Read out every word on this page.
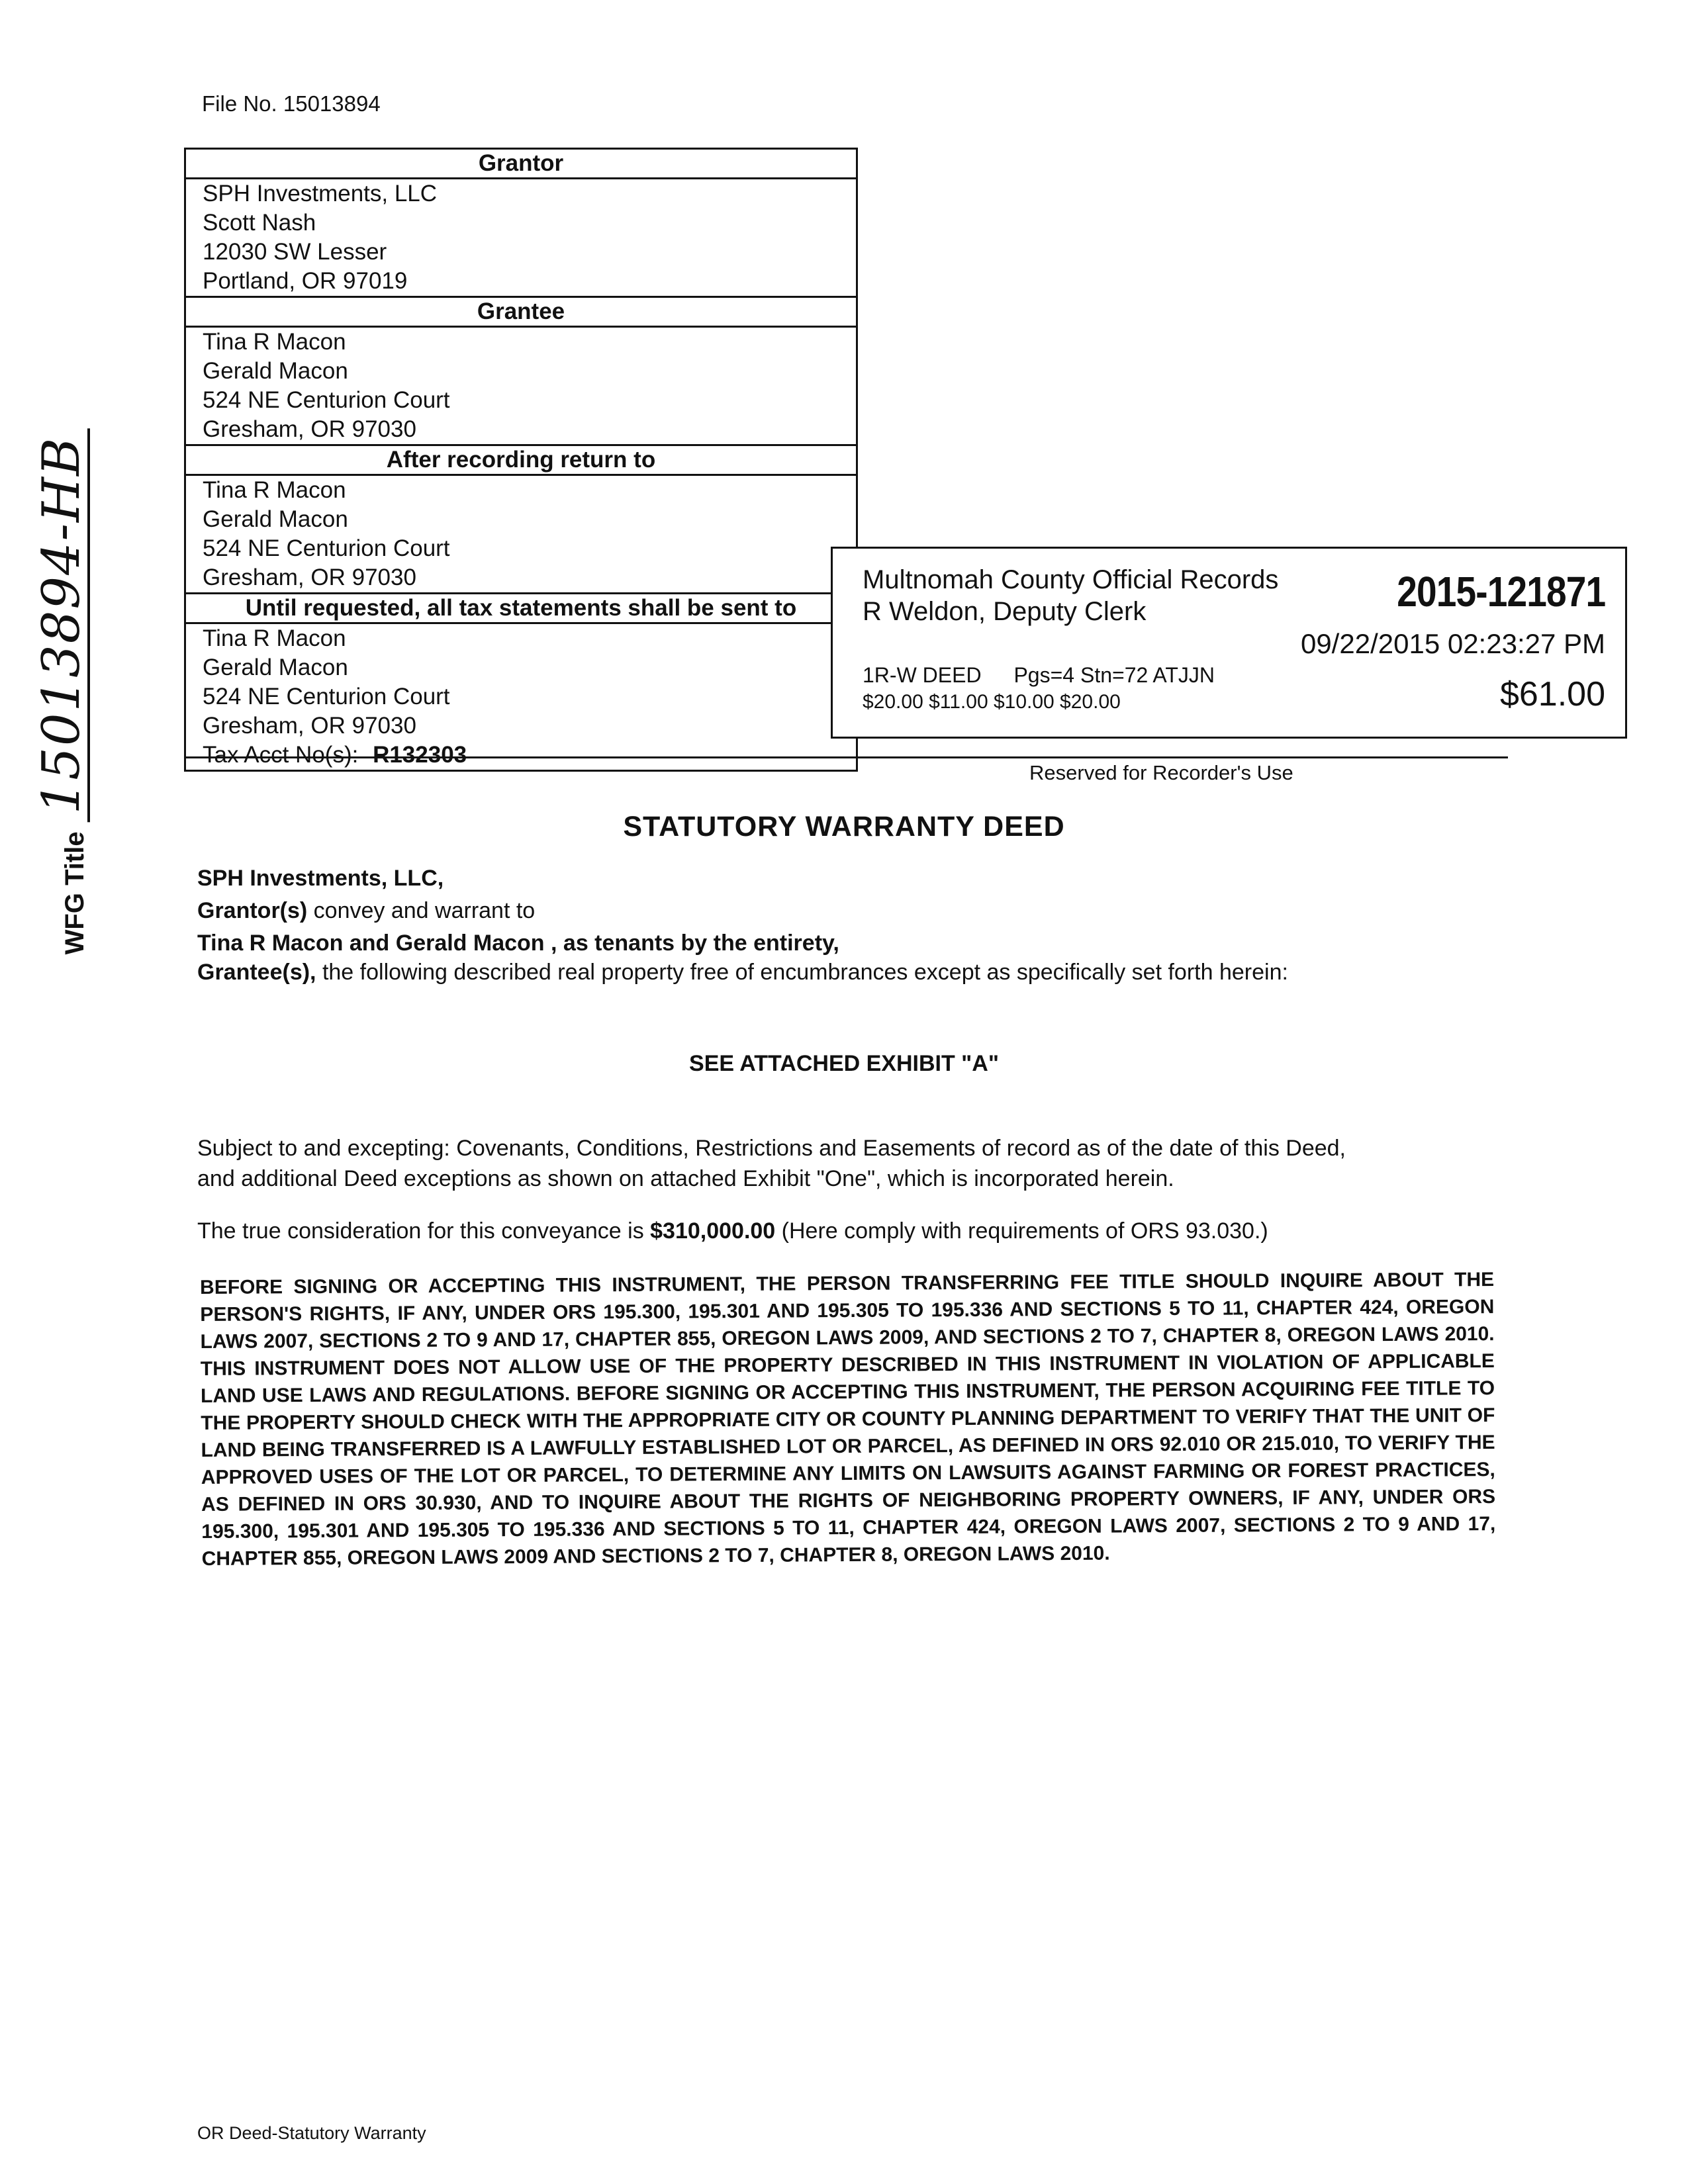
WFG Title
15013894-HB
File No. 15013894
Grantor
SPH Investments, LLC
Scott Nash
12030 SW Lesser
Portland, OR 97019
Grantee
Tina R Macon
Gerald Macon
524 NE Centurion Court
Gresham, OR 97030
After recording return to
Tina R Macon
Gerald Macon
524 NE Centurion Court
Gresham, OR 97030
Until requested, all tax statements shall be sent to
Tina R Macon
Gerald Macon
524 NE Centurion Court
Gresham, OR 97030
Tax Acct No(s): R132303
Multnomah County Official Records
R Weldon, Deputy Clerk	2015-121871
09/22/2015 02:23:27 PM
1R-W DEED Pgs=4 Stn=72 ATJJN
$20.00 $11.00 $10.00 $20.00	$61.00
Reserved for Recorder's Use
STATUTORY WARRANTY DEED
SPH Investments, LLC,
Grantor(s) convey and warrant to
Tina R Macon and Gerald Macon , as tenants by the entirety,
Grantee(s), the following described real property free of encumbrances except as specifically set forth herein:
SEE ATTACHED EXHIBIT "A"
Subject to and excepting: Covenants, Conditions, Restrictions and Easements of record as of the date of this Deed,
and additional Deed exceptions as shown on attached Exhibit "One", which is incorporated herein.
The true consideration for this conveyance is $310,000.00 (Here comply with requirements of ORS 93.030.)
BEFORE SIGNING OR ACCEPTING THIS INSTRUMENT, THE PERSON TRANSFERRING FEE TITLE SHOULD INQUIRE ABOUT THE PERSON'S RIGHTS, IF ANY, UNDER ORS 195.300, 195.301 AND 195.305 TO 195.336 AND SECTIONS 5 TO 11, CHAPTER 424, OREGON LAWS 2007, SECTIONS 2 TO 9 AND 17, CHAPTER 855, OREGON LAWS 2009, AND SECTIONS 2 TO 7, CHAPTER 8, OREGON LAWS 2010. THIS INSTRUMENT DOES NOT ALLOW USE OF THE PROPERTY DESCRIBED IN THIS INSTRUMENT IN VIOLATION OF APPLICABLE LAND USE LAWS AND REGULATIONS. BEFORE SIGNING OR ACCEPTING THIS INSTRUMENT, THE PERSON ACQUIRING FEE TITLE TO THE PROPERTY SHOULD CHECK WITH THE APPROPRIATE CITY OR COUNTY PLANNING DEPARTMENT TO VERIFY THAT THE UNIT OF LAND BEING TRANSFERRED IS A LAWFULLY ESTABLISHED LOT OR PARCEL, AS DEFINED IN ORS 92.010 OR 215.010, TO VERIFY THE APPROVED USES OF THE LOT OR PARCEL, TO DETERMINE ANY LIMITS ON LAWSUITS AGAINST FARMING OR FOREST PRACTICES, AS DEFINED IN ORS 30.930, AND TO INQUIRE ABOUT THE RIGHTS OF NEIGHBORING PROPERTY OWNERS, IF ANY, UNDER ORS 195.300, 195.301 AND 195.305 TO 195.336 AND SECTIONS 5 TO 11, CHAPTER 424, OREGON LAWS 2007, SECTIONS 2 TO 9 AND 17, CHAPTER 855, OREGON LAWS 2009 AND SECTIONS 2 TO 7, CHAPTER 8, OREGON LAWS 2010.
OR Deed-Statutory Warranty
